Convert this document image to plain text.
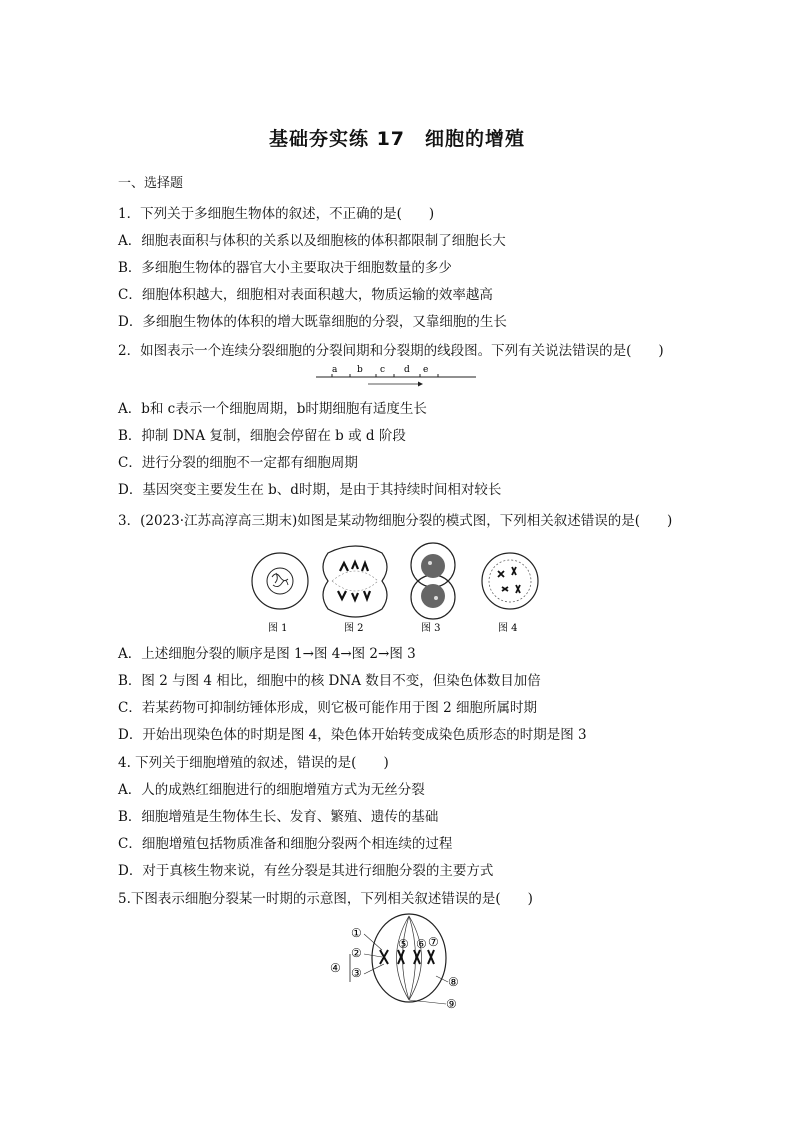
基础夯实练 17　细胞的增殖
一、选择题
1．下列关于多细胞生物体的叙述，不正确的是(　　)
A．细胞表面积与体积的关系以及细胞核的体积都限制了细胞长大
B．多细胞生物体的器官大小主要取决于细胞数量的多少
C．细胞体积越大，细胞相对表面积越大，物质运输的效率越高
D．多细胞生物体的体积的增大既靠细胞的分裂，又靠细胞的生长
2．如图表示一个连续分裂细胞的分裂间期和分裂期的线段图。下列有关说法错误的是(　　)
a b c d e
A．b和 c表示一个细胞周期，b时期细胞有适度生长
B．抑制 DNA 复制，细胞会停留在 b 或 d 阶段
C．进行分裂的细胞不一定都有细胞周期
D．基因突变主要发生在 b、d时期，是由于其持续时间相对较长
3．(2023·江苏高淳高三期末)如图是某动物细胞分裂的模式图，下列相关叙述错误的是(　　)
图 1	图 2	图 3	图 4
A．上述细胞分裂的顺序是图 1→图 4→图 2→图 3
B．图 2 与图 4 相比，细胞中的核 DNA 数目不变，但染色体数目加倍
C．若某药物可抑制纺锤体形成，则它极可能作用于图 2 细胞所属时期
D．开始出现染色体的时期是图 4，染色体开始转变成染色质形态的时期是图 3
4. 下列关于细胞增殖的叙述，错误的是(　　)
A．人的成熟红细胞进行的细胞增殖方式为无丝分裂
B．细胞增殖是生物体生长、发育、繁殖、遗传的基础
C．细胞增殖包括物质准备和细胞分裂两个相连续的过程
D．对于真核生物来说，有丝分裂是其进行细胞分裂的主要方式
5.下图表示细胞分裂某一时期的示意图，下列相关叙述错误的是(　　)
①
②
③
④
⑤ ⑥ ⑦
⑧
⑨
